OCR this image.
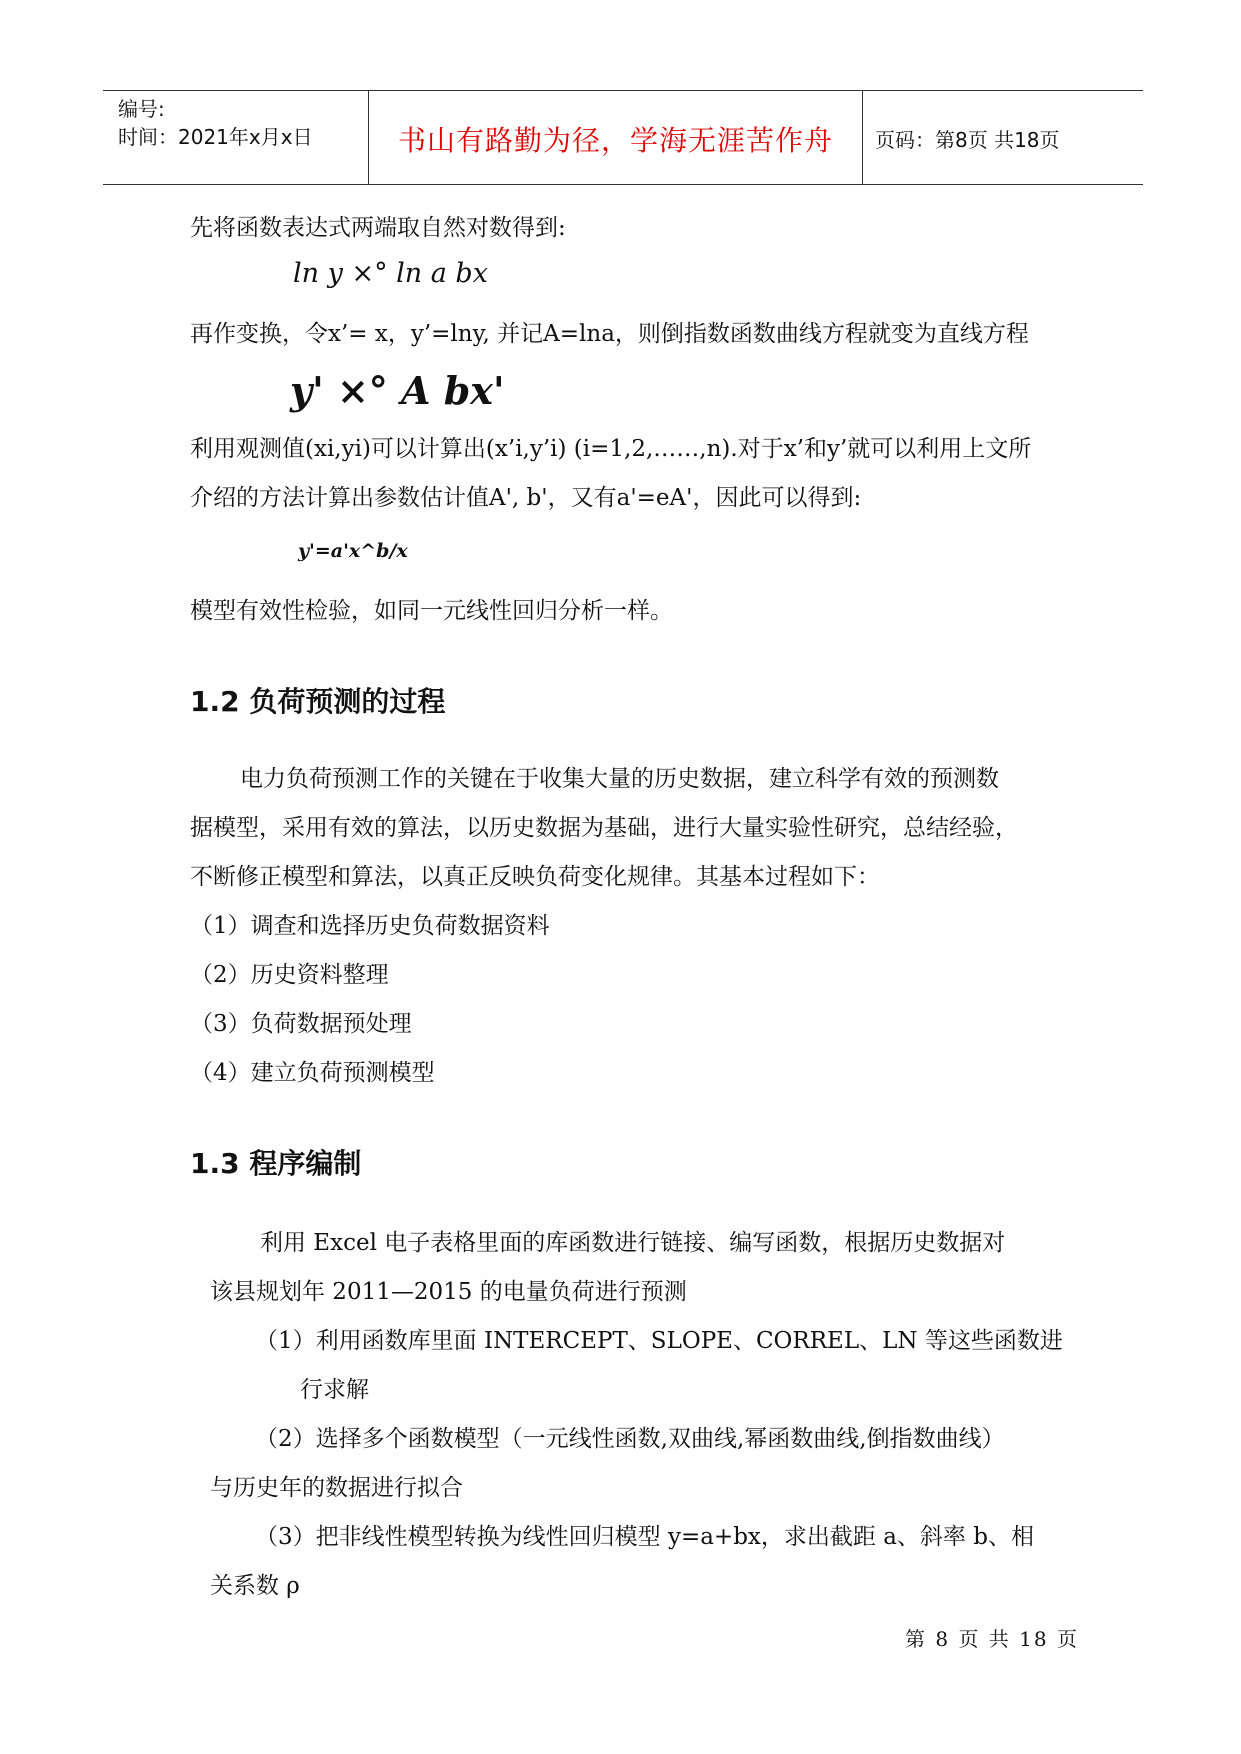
编号:
时间：2021年x月x日	书山有路勤为径，学海无涯苦作舟	页码：第8页 共18页
先将函数表达式两端取自然对数得到:
ln y ×° ln a bx
再作变换，令x’= x，y’=lny, 并记A=lna，则倒指数函数曲线方程就变为直线方程
y' ×° A bx'
利用观测值(xi,yi)可以计算出(x’i,y’i) (i=1,2,……,n).对于x’和y’就可以利用上文所
介绍的方法计算出参数估计值A', b'，又有a'=eA'，因此可以得到:
y'=a'x^b/x
模型有效性检验，如同一元线性回归分析一样。
1.2 负荷预测的过程
电力负荷预测工作的关键在于收集大量的历史数据，建立科学有效的预测数
据模型，采用有效的算法，以历史数据为基础，进行大量实验性研究，总结经验，
不断修正模型和算法，以真正反映负荷变化规律。其基本过程如下：
（1）调查和选择历史负荷数据资料
（2）历史资料整理
（3）负荷数据预处理
（4）建立负荷预测模型
1.3 程序编制
利用 Excel 电子表格里面的库函数进行链接、编写函数，根据历史数据对
该县规划年 2011—2015 的电量负荷进行预测
（1）利用函数库里面 INTERCEPT、SLOPE、CORREL、LN 等这些函数进
行求解
（2）选择多个函数模型（一元线性函数,双曲线,幂函数曲线,倒指数曲线）
与历史年的数据进行拟合
（3）把非线性模型转换为线性回归模型 y=a+bx，求出截距 a、斜率 b、相
关系数 ρ
第 8 页 共 18 页
